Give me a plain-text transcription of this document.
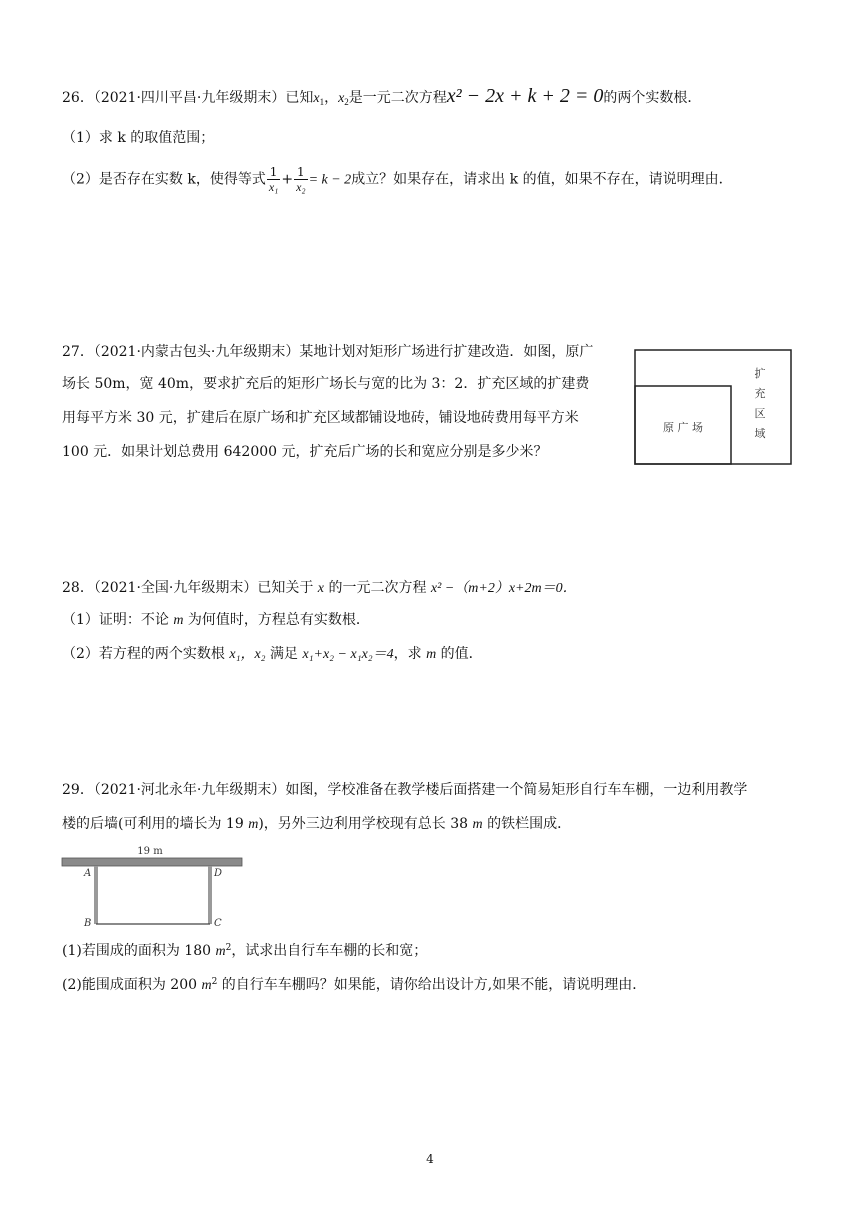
26．（2021·四川平昌·九年级期末）已知$x_1$，$x_2$是一元二次方程x² − 2x + k + 2 = 0的两个实数根．
（1）求 k 的取值范围；
（2）是否存在实数 k，使得等式 $\frac{1}{\text{x₁}} + \frac{1}{\text{x₂}} = k - 2$成立？如果存在，请求出 k 的值，如果不存在，请说明理由．
27．（2021·内蒙古包头·九年级期末）某地计划对矩形广场进行扩建改造．如图，原广
场长 50m，宽 40m，要求扩充后的矩形广场长与宽的比为 3：2．扩充区域的扩建费
用每平方米 30 元，扩建后在原广场和扩充区域都铺设地砖，铺设地砖费用每平方米
100 元．如果计划总费用 642000 元，扩充后广场的长和宽应分别是多少米？
原 广 场
扩
充
区
域
28．（2021·全国·九年级期末）已知关于 x 的一元二次方程 x² −（m+2）x+2m＝0．
（1）证明：不论 m 为何值时，方程总有实数根．
（2）若方程的两个实数根 x₁，x₂ 满足 x₁+x₂ − x₁x₂＝4，求 m 的值．
29．（2021·河北永年·九年级期末）如图，学校准备在教学楼后面搭建一个简易矩形自行车车棚，一边利用教学
楼的后墙(可利用的墙长为 19 m)，另外三边利用学校现有总长 38 m 的铁栏围成．
19 m
A	D
B	C
(1)若围成的面积为 180 $m^2$，试求出自行车车棚的长和宽；
(2)能围成面积为 200 $m^2$ 的自行车车棚吗？如果能，请你给出设计方,如果不能，请说明理由．
4
